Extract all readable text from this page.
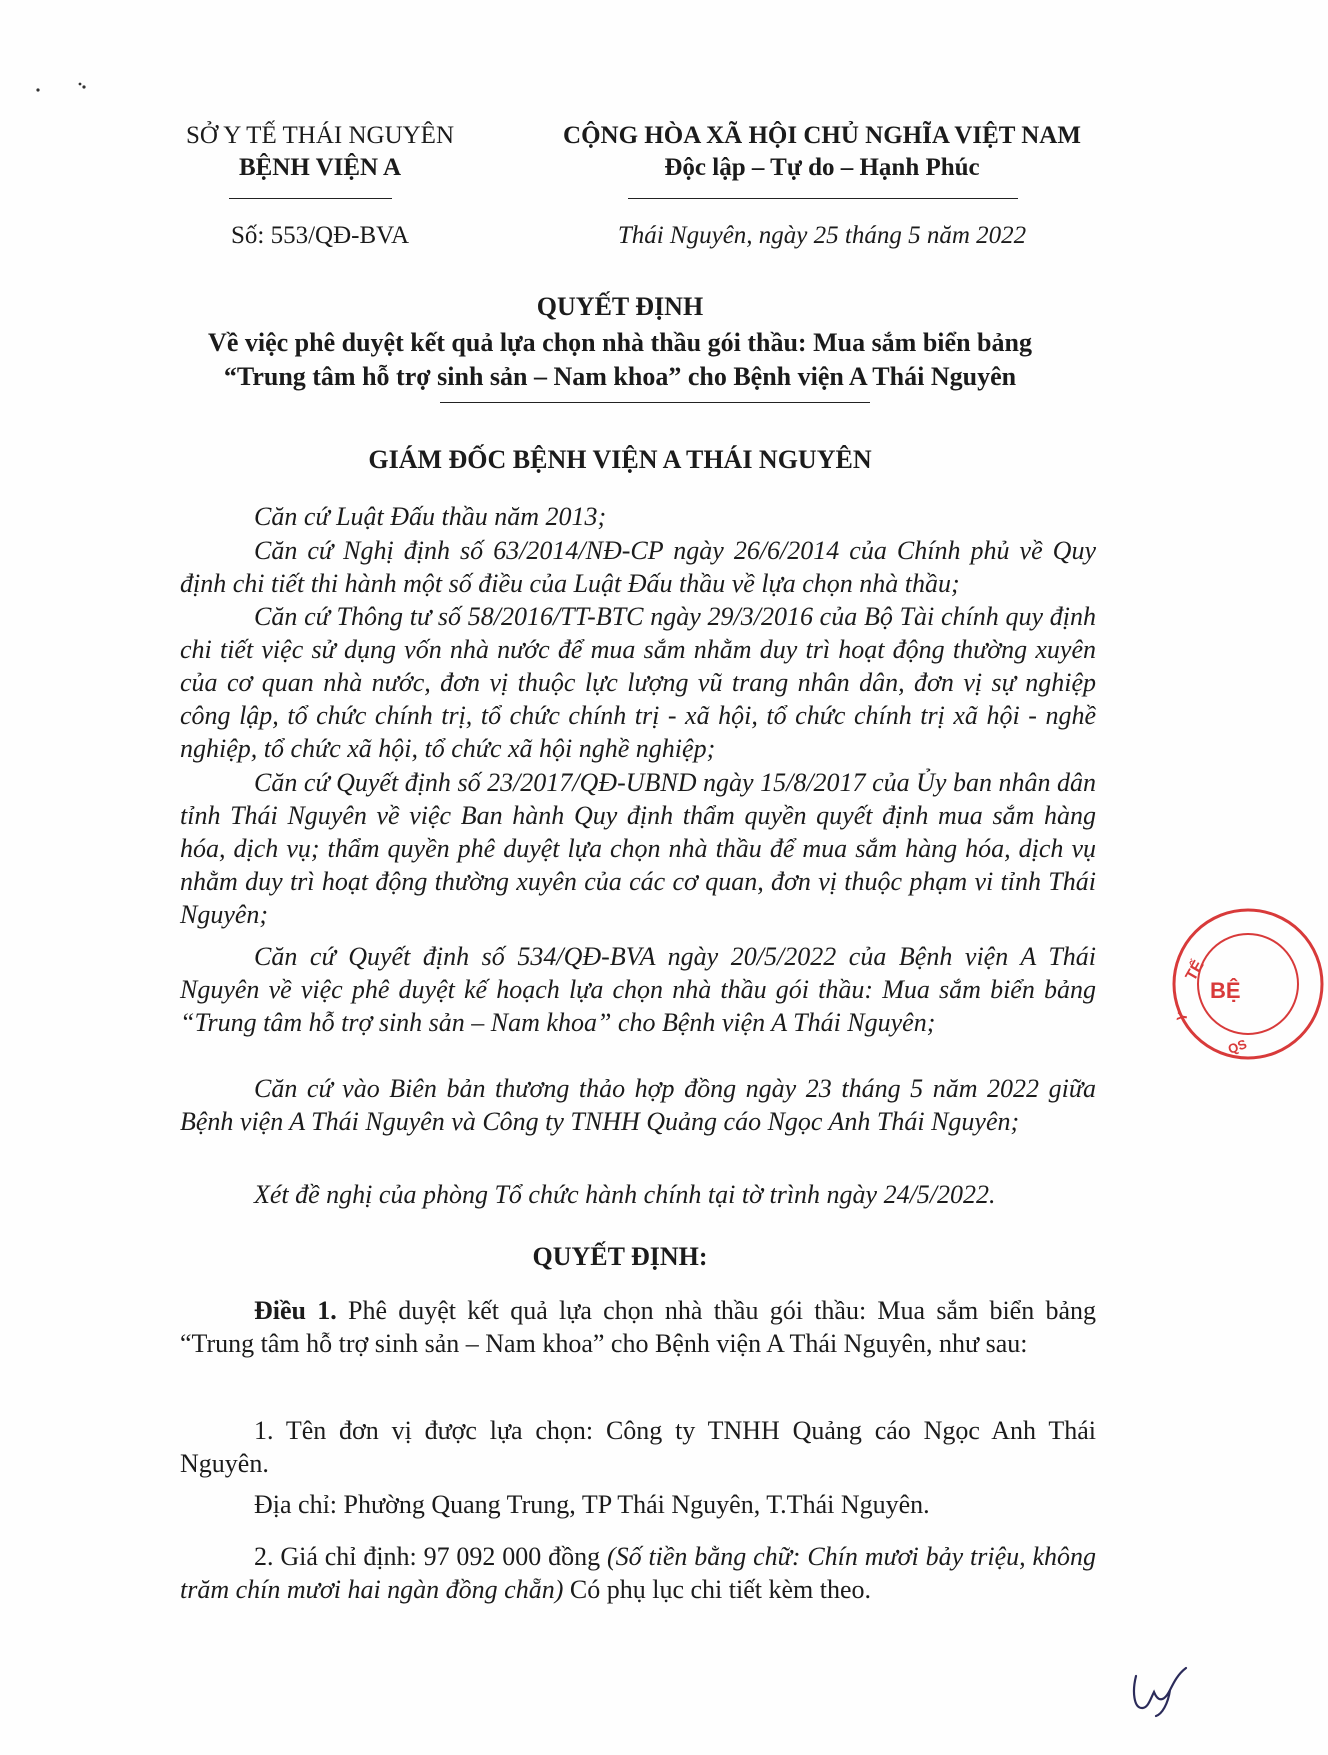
SỞ Y TẾ THÁI NGUYÊN
BỆNH VIỆN A
Số: 553/QĐ-BVA
CỘNG HÒA XÃ HỘI CHỦ NGHĨA VIỆT NAM
Độc lập – Tự do – Hạnh Phúc
Thái Nguyên, ngày 25 tháng 5 năm 2022
QUYẾT ĐỊNH
Về việc phê duyệt kết quả lựa chọn nhà thầu gói thầu: Mua sắm biển bảng
“Trung tâm hỗ trợ sinh sản – Nam khoa” cho Bệnh viện A Thái Nguyên
GIÁM ĐỐC BỆNH VIỆN A THÁI NGUYÊN
Căn cứ Luật Đấu thầu năm 2013;
Căn cứ Nghị định số 63/2014/NĐ-CP ngày 26/6/2014 của Chính phủ về Quy định chi tiết thi hành một số điều của Luật Đấu thầu về lựa chọn nhà thầu;
Căn cứ Thông tư số 58/2016/TT-BTC ngày 29/3/2016 của Bộ Tài chính quy định chi tiết việc sử dụng vốn nhà nước để mua sắm nhằm duy trì hoạt động thường xuyên của cơ quan nhà nước, đơn vị thuộc lực lượng vũ trang nhân dân, đơn vị sự nghiệp công lập, tổ chức chính trị, tổ chức chính trị - xã hội, tổ chức chính trị xã hội - nghề nghiệp, tổ chức xã hội, tổ chức xã hội nghề nghiệp;
Căn cứ Quyết định số 23/2017/QĐ-UBND ngày 15/8/2017 của Ủy ban nhân dân tỉnh Thái Nguyên về việc Ban hành Quy định thẩm quyền quyết định mua sắm hàng hóa, dịch vụ; thẩm quyền phê duyệt lựa chọn nhà thầu để mua sắm hàng hóa, dịch vụ nhằm duy trì hoạt động thường xuyên của các cơ quan, đơn vị thuộc phạm vi tỉnh Thái Nguyên;
Căn cứ Quyết định số 534/QĐ-BVA ngày 20/5/2022 của Bệnh viện A Thái Nguyên về việc phê duyệt kế hoạch lựa chọn nhà thầu gói thầu: Mua sắm biển bảng “Trung tâm hỗ trợ sinh sản – Nam khoa” cho Bệnh viện A Thái Nguyên;
Căn cứ vào Biên bản thương thảo hợp đồng ngày 23 tháng 5 năm 2022 giữa Bệnh viện A Thái Nguyên và Công ty TNHH Quảng cáo Ngọc Anh Thái Nguyên;
Xét đề nghị của phòng Tổ chức hành chính tại tờ trình ngày 24/5/2022.
QUYẾT ĐỊNH:
Điều 1. Phê duyệt kết quả lựa chọn nhà thầu gói thầu: Mua sắm biển bảng “Trung tâm hỗ trợ sinh sản – Nam khoa” cho Bệnh viện A Thái Nguyên, như sau:
1. Tên đơn vị được lựa chọn: Công ty TNHH Quảng cáo Ngọc Anh Thái Nguyên.
Địa chỉ: Phường Quang Trung, TP Thái Nguyên, T.Thái Nguyên.
2. Giá chỉ định: 97 092 000 đồng (Số tiền bằng chữ: Chín mươi bảy triệu, không trăm chín mươi hai ngàn đồng chẵn) Có phụ lục chi tiết kèm theo.
TẾ
Y
BỆ
QS
